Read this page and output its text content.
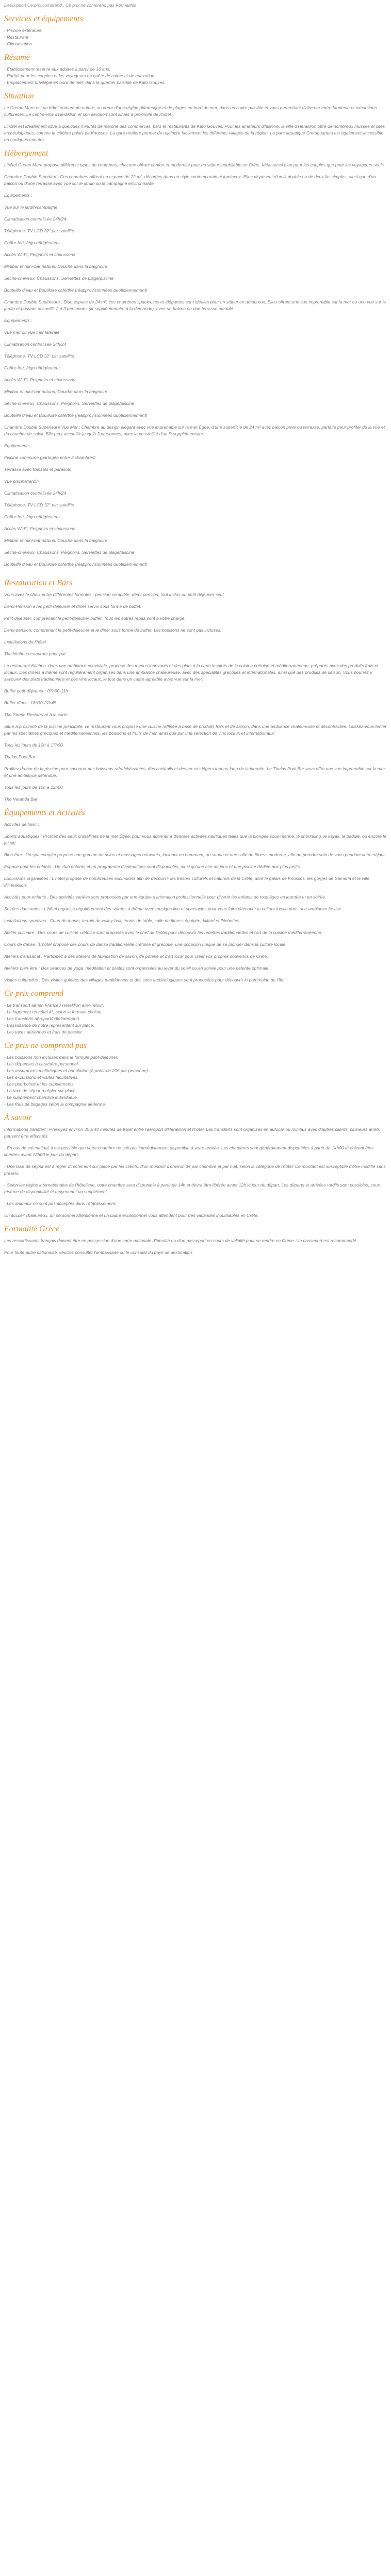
Description Ce prix comprend : Ce prix ne comprend pas Formalités
Services et équipements
- Piscine extérieure
- Restaurant
- Climatisation
Résumé
- Établissement réservé aux adultes à partir de 16 ans.
- Parfait pour les couples et les voyageurs en quête de calme et de relaxation.
- Emplacement privilégié en bord de mer, dans le quartier paisible de Kato Gouves.
Situation

Le Cretan Mare est un hôtel entouré de nature, au cœur d'une région pittoresque et de plages en bord de mer, dans un cadre paisible et vous permettant d'alterner entre farniente et excursions culturelles. Le centre-ville d'Héraklion et son aéroport sont situés à proximité de l'hôtel.

L'hôtel est idéalement situé à quelques minutes de marche des commerces, bars et restaurants de Kato Gouves. Pour les amateurs d'histoire, la ville d'Héraklion offre de nombreux musées et sites archéologiques, comme le célèbre palais de Knossos. La gare routière permet de rejoindre facilement les différents villages de la région. Le parc aquatique Cretaquarium est également accessible en quelques minutes.

Hébergement

L'hôtel Cretan Mare propose différents types de chambres, chacune offrant confort et modernité pour un séjour inoubliable en Crète. Idéal aussi bien pour les couples que pour les voyageurs seuls.

Chambre Double Standard : Ces chambres offrent un espace de 22 m², décorées dans un style contemporain et lumineux. Elles disposent d'un lit double ou de deux lits simples, ainsi que d'un balcon ou d'une terrasse avec vue sur le jardin ou la campagne environnante.

Équipements :

Vue sur le jardin/campagne

Climatisation centralisée 24h/24

Téléphone, TV LCD 32" par satellite

Coffre-fort, frigo réfrigérateur

Accès Wi-Fi, Peignoirs et chaussons

Minibar et mini-bar naturel, Douche dans la baignoire

Sèche-cheveux, Chaussons, Serviettes de plage/piscine

Bouteille d'eau et Bouilloire café/thé (réapprovisionnées quotidiennement)

Chambre Double Supérieure : D'un espace de 24 m², ces chambres spacieuses et élégantes sont idéales pour un séjour en amoureux. Elles offrent une vue imprenable sur la mer ou une vue sur le jardin et pouvant accueillir 2 à 3 personnes (lit supplémentaire à la demande), avec un balcon ou une terrasse meublé.

Équipements :

Vue mer ou vue mer latérale

Climatisation centralisée 24h/24

Téléphone, TV LCD 32" par satellite

Coffre-fort, frigo réfrigérateur

Accès Wi-Fi, Peignoirs et chaussons

Minibar et mini-bar naturel, Douche dans la baignoire

Sèche-cheveux, Chaussons, Peignoirs, Serviettes de plage/piscine

Bouteille d'eau et Bouilloire café/thé (réapprovisionnées quotidiennement)

Chambre Double Supérieure Vue Mer : Chambre au design élégant avec vue imprenable sur la mer Égée, d'une superficie de 24 m² avec balcon privé ou terrasse, parfaite pour profiter de la vue et du coucher de soleil. Elle peut accueillir jusqu'à 3 personnes, avec la possibilité d'un lit supplémentaire.

Équipements :

Piscine commune (partagée entre 3 chambres)

Terrasse avec transats et parasols

Vue piscine/jardin

Climatisation centralisée 24h/24

Téléphone, TV LCD 32" par satellite

Coffre-fort, frigo réfrigérateur

Accès Wi-Fi, Peignoirs et chaussons

Minibar et mini-bar naturel, Douche dans la baignoire

Sèche-cheveux, Chaussons, Peignoirs, Serviettes de plage/piscine

Bouteille d'eau et Bouilloire café/thé (réapprovisionnées quotidiennement)

Restauration et Bars

Vous avez le choix entre différentes formules : pension complète, demi-pension, tout inclus ou petit déjeuner seul.

Demi-Pension avec petit-déjeuner et dîner servis sous forme de buffet.

Petit déjeuner, comprenant le petit-déjeuner buffet. Tous les autres repas sont à votre charge.

Demi-pension, comprenant le petit-déjeuner et le dîner sous forme de buffet. Les boissons ne sont pas incluses.

Installations de l'hôtel :

The kitchen restaurant principal

Le restaurant Kitchen, dans une ambiance conviviale, propose des menus innovants et des plats à la carte inspirés de la cuisine crétoise et méditerranéenne, préparés avec des produits frais et locaux. Des dîners à thème sont régulièrement organisés dans une ambiance chaleureuse, avec des spécialités grecques et internationales, ainsi que des produits de saison. Vous pourrez y savourer des plats traditionnels et des vins locaux, le tout dans un cadre agréable avec vue sur la mer.

Buffet petit-déjeuner : 07h00-11h

Buffet dîner : 18h30-21h45

The Sirene Restaurant à la carte

Situé à proximité de la piscine principale, ce restaurant vous propose une cuisine raffinée à base de produits frais et de saison, dans une ambiance chaleureuse et décontractée. Laissez-vous tenter par les spécialités grecques et méditerranéennes, les poissons et fruits de mer, ainsi que par une sélection de vins locaux et internationaux.

Tous les jours de 10h à 17h00

Thalos Pool Bar

Profitez du bar de la piscine pour savourer des boissons rafraîchissantes, des cocktails et des en-cas légers tout au long de la journée. Le Thalos Pool Bar vous offre une vue imprenable sur la mer et une ambiance détendue.

Tous les jours de 10h à 22h00

The Veranda Bar

Équipements et Activités

Activités de loisir :

Sports aquatiques : Profitez des eaux cristallines de la mer Égée, pour vous adonner à diverses activités nautiques telles que la plongée sous-marine, le snorkeling, le kayak, le paddle, ou encore le jet ski.

Bien-être : Un spa complet propose une gamme de soins et massages relaxants, incluant un hammam, un sauna et une salle de fitness moderne, afin de prendre soin de vous pendant votre séjour.

Espace pour les enfants : Un club enfants et un programme d'animations sont disponibles, ainsi qu'une aire de jeux et une piscine dédiée aux plus petits.

Excursions organisées : L'hôtel propose de nombreuses excursions afin de découvrir les trésors culturels et naturels de la Crète, dont le palais de Knossos, les gorges de Samaria et la ville d'Héraklion.

Activités pour enfants : Des activités variées sont proposées par une équipe d'animation professionnelle pour divertir les enfants de tous âges en journée et en soirée.

Soirées dansantes : L'hôtel organise régulièrement des soirées à thème avec musique live et spectacles pour vous faire découvrir la culture locale dans une ambiance festive.

Installations sportives : Court de tennis, terrain de volley-ball, tennis de table, salle de fitness équipée, billard et fléchettes.

Atelier culinaire : Des cours de cuisine crétoise sont proposés avec le chef de l'hôtel pour découvrir les recettes traditionnelles et l'art de la cuisine méditerranéenne.

Cours de danse : L'hôtel propose des cours de danse traditionnelle crétoise et grecque, une occasion unique de se plonger dans la culture locale.

Ateliers d'artisanat : Participez à des ateliers de fabrication de savon, de poterie et d'art local pour créer vos propres souvenirs de Crète.

Ateliers bien-être : Des séances de yoga, méditation et pilates sont organisées au lever du soleil ou en soirée pour une détente optimale.

Visites culturelles : Des visites guidées des villages traditionnels et des sites archéologiques sont proposées pour découvrir le patrimoine de l'île.

Ce prix comprend
- Le transport aérien France / Héraklion aller-retour.
- Le logement en hôtel 4*, selon la formule choisie.
- Les transferts aéroport/hôtel/aéroport.
- L'assistance de notre représentant sur place.
- Les taxes aériennes et frais de dossier.
Ce prix ne comprend pas
- Les boissons non incluses dans la formule petit-déjeuner.
- Les dépenses à caractère personnel.
- Les assurances multirisques et annulation (à partir de 20€ par personne).
- Les excursions et visites facultatives.
- Les pourboires et les suppléments.
- La taxe de séjour à régler sur place.
- Le supplément chambre individuelle.
- Les frais de bagages selon la compagnie aérienne.
À savoir

Informations transfert : Prévoyez environ 30 à 40 minutes de trajet entre l'aéroport d'Héraklion et l'hôtel. Les transferts sont organisés en autocar ou minibus avec d'autres clients, plusieurs arrêts peuvent être effectués.

- En cas de vol matinal, il est possible que votre chambre ne soit pas immédiatement disponible à votre arrivée. Les chambres sont généralement disponibles à partir de 14h00 et doivent être libérées avant 12h00 le jour du départ.

- Une taxe de séjour est à régler directement sur place par les clients, d'un montant d'environ 3€ par chambre et par nuit, selon la catégorie de l'hôtel. Ce montant est susceptible d'être modifié sans préavis.

- Selon les règles internationales de l'hôtellerie, votre chambre sera disponible à partir de 14h et devra être libérée avant 12h le jour du départ. Les départs et arrivées tardifs sont possibles, sous réserve de disponibilité et moyennant un supplément.

- Les animaux ne sont pas acceptés dans l'établissement.

Un accueil chaleureux, un personnel attentionné et un cadre exceptionnel vous attendent pour des vacances inoubliables en Crète.

Formalité Grèce

Les ressortissants français doivent être en possession d'une carte nationale d'identité ou d'un passeport en cours de validité pour se rendre en Grèce. Un passeport est recommandé.

Pour toute autre nationalité, veuillez consulter l'ambassade ou le consulat du pays de destination.
